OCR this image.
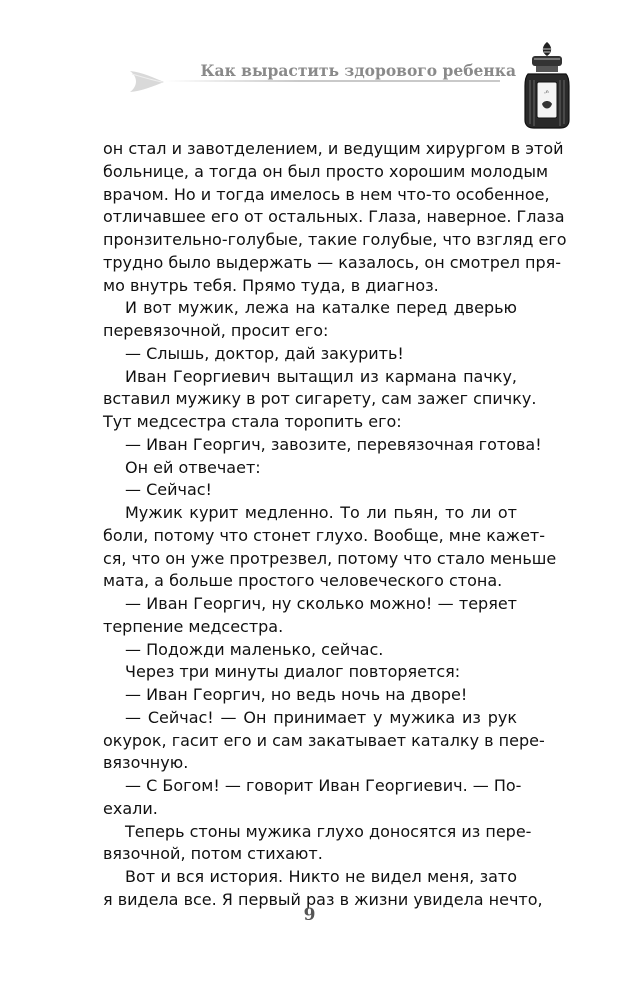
Как вырастить здорового ребенка
·ⁿ
он стал и завотделением, и ведущим хирургом в этой
больнице, а тогда он был просто хорошим молодым
врачом. Но и тогда имелось в нем что-то особенное,
отличавшее его от остальных. Глаза, наверное. Глаза
пронзительно-голубые, такие голубые, что взгляд его
трудно было выдержать — казалось, он смотрел пря-
мо внутрь тебя. Прямо туда, в диагноз.
И вот мужик, лежа на каталке перед дверью
перевязочной, просит его:
— Слышь, доктор, дай закурить!
Иван Георгиевич вытащил из кармана пачку,
вставил мужику в рот сигарету, сам зажег спичку.
Тут медсестра стала торопить его:
— Иван Георгич, завозите, перевязочная готова!
Он ей отвечает:
— Сейчас!
Мужик курит медленно. То ли пьян, то ли от
боли, потому что стонет глухо. Вообще, мне кажет-
ся, что он уже протрезвел, потому что стало меньше
мата, а больше простого человеческого стона.
— Иван Георгич, ну сколько можно! — теряет
терпение медсестра.
— Подожди маленько, сейчас.
Через три минуты диалог повторяется:
— Иван Георгич, но ведь ночь на дворе!
— Сейчас! — Он принимает у мужика из рук
окурок, гасит его и сам закатывает каталку в пере-
вязочную.
— С Богом! — говорит Иван Георгиевич. — По-
ехали.
Теперь стоны мужика глухо доносятся из пере-
вязочной, потом стихают.
Вот и вся история. Никто не видел меня, зато
я видела все. Я первый раз в жизни увидела нечто,
9
